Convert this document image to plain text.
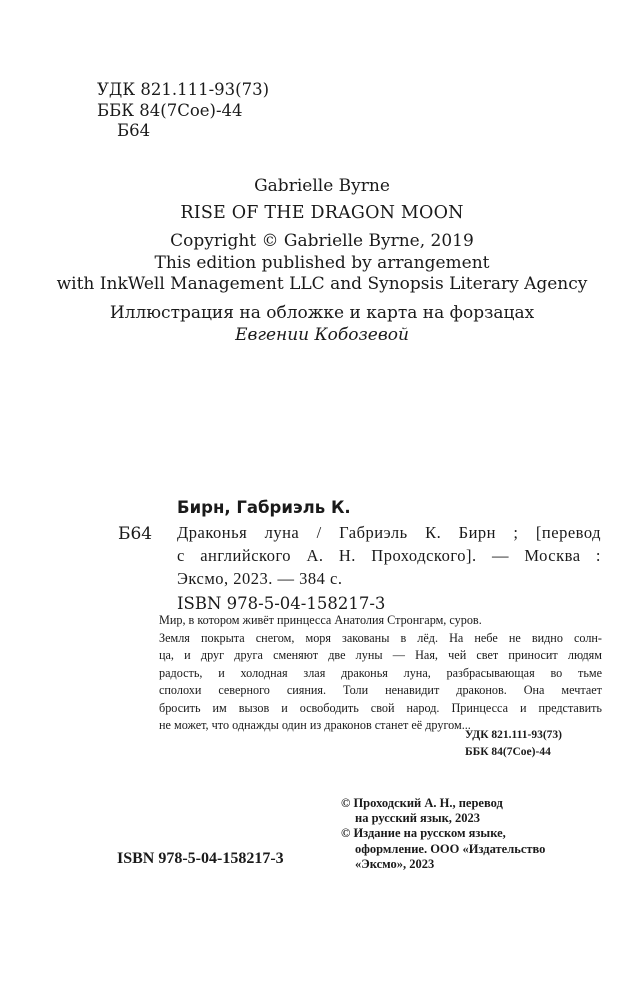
УДК 821.111-93(73)
ББК 84(7Сое)-44
Б64
Gabrielle Byrne
RISE OF THE DRAGON MOON
Copyright © Gabrielle Byrne, 2019
This edition published by arrangement
with InkWell Management LLC and Synopsis Literary Agency
Иллюстрация на обложке и карта на форзацах
Евгении Кобозевой
Бирн, Габриэль К.
Б64 Драконья луна / Габриэль К. Бирн ; [перевод
с английского А. Н. Проходского]. — Москва :
Эксмо, 2023. — 384 с.
ISBN 978-5-04-158217-3
Мир, в котором живёт принцесса Анатолия Стронгарм, суров.
Земля покрыта снегом, моря закованы в лёд. На небе не видно солн-
ца, и друг друга сменяют две луны — Ная, чей свет приносит людям
радость, и холодная злая драконья луна, разбрасывающая во тьме
сполохи северного сияния. Толи ненавидит драконов. Она мечтает
бросить им вызов и освободить свой народ. Принцесса и представить
не может, что однажды один из драконов станет её другом...
УДК 821.111-93(73)
ББК 84(7Сое)-44
© Проходский А. Н., перевод
на русский язык, 2023
© Издание на русском языке,
оформление. ООО «Издательство
«Эксмо», 2023
ISBN 978-5-04-158217-3
